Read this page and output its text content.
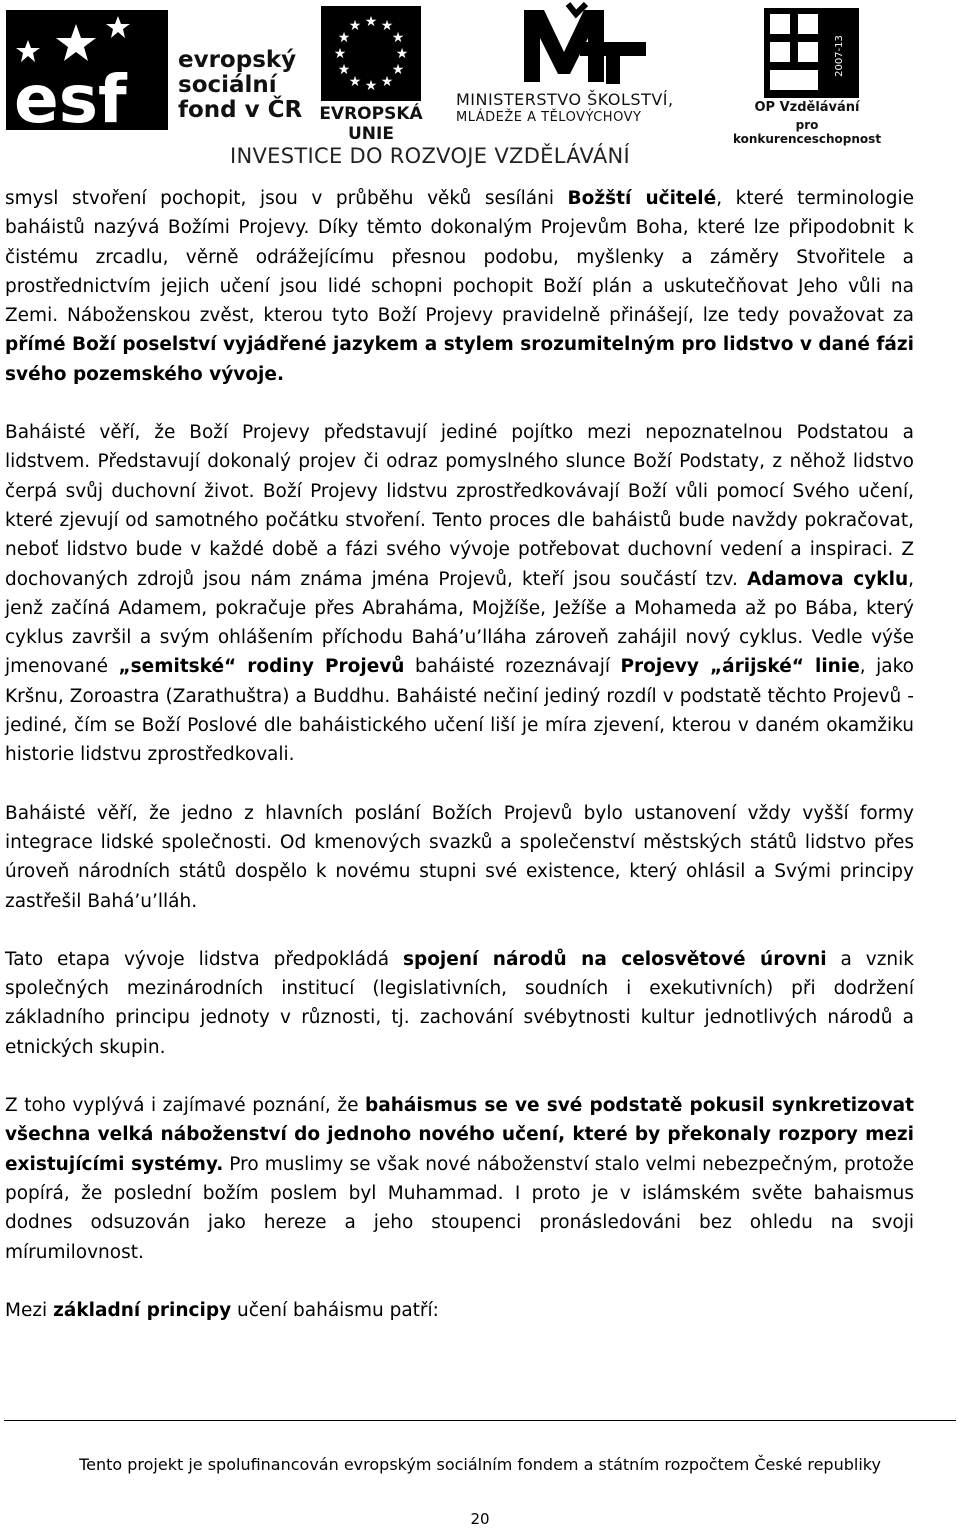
esf
evropský
sociální
fond v ČR
★ ★
★
★
★
★
★
★
★
★
★
★
EVROPSKÁ UNIE
MINISTERSTVO ŠKOLSTVÍ,
MLÁDEŽE A TĚLOVÝCHOVY
2007-13
OP Vzdělávání
pro konkurenceschopnost
INVESTICE DO ROZVOJE VZDĚLÁVÁNÍ

smysl stvoření pochopit, jsou v průběhu věků sesíláni Božští učitelé, které terminologie baháistů nazývá Božími Projevy. Díky těmto dokonalým Projevům Boha, které lze připodobnit k čistému zrcadlu, věrně odrážejícímu přesnou podobu, myšlenky a záměry Stvořitele a prostřednictvím jejich učení jsou lidé schopni pochopit Boží plán a uskutečňovat Jeho vůli na Zemi. Náboženskou zvěst, kterou tyto Boží Projevy pravidelně přinášejí, lze tedy považovat za přímé Boží poselství vyjádřené jazykem a stylem srozumitelným pro lidstvo v dané fázi svého pozemského vývoje.

Baháisté věří, že Boží Projevy představují jediné pojítko mezi nepoznatelnou Podstatou a lidstvem. Představují dokonalý projev či odraz pomyslného slunce Boží Podstaty, z něhož lidstvo čerpá svůj duchovní život. Boží Projevy lidstvu zprostředkovávají Boží vůli pomocí Svého učení, které zjevují od samotného počátku stvoření. Tento proces dle baháistů bude navždy pokračovat, neboť lidstvo bude v každé době a fázi svého vývoje potřebovat duchovní vedení a inspiraci. Z dochovaných zdrojů jsou nám známa jména Projevů, kteří jsou součástí tzv. Adamova cyklu, jenž začíná Adamem, pokračuje přes Abraháma, Mojžíše, Ježíše a Mohameda až po Bába, který cyklus završil a svým ohlášením příchodu Bahá’u’lláha zároveň zahájil nový cyklus. Vedle výše jmenované „semitské“ rodiny Projevů baháisté rozeznávají Projevy „árijské“ linie, jako Kršnu, Zoroastra (Zarathuštra) a Buddhu. Baháisté nečiní jediný rozdíl v podstatě těchto Projevů - jediné, čím se Boží Poslové dle baháistického učení liší je míra zjevení, kterou v daném okamžiku historie lidstvu zprostředkovali.

Baháisté věří, že jedno z hlavních poslání Božích Projevů bylo ustanovení vždy vyšší formy integrace lidské společnosti. Od kmenových svazků a společenství městských států lidstvo přes úroveň národních států dospělo k novému stupni své existence, který ohlásil a Svými principy zastřešil Bahá’u’lláh.

Tato etapa vývoje lidstva předpokládá spojení národů na celosvětové úrovni a vznik společných mezinárodních institucí (legislativních, soudních i exekutivních) při dodržení základního principu jednoty v různosti, tj. zachování svébytnosti kultur jednotlivých národů a etnických skupin.

Z toho vyplývá i zajímavé poznání, že baháismus se ve své podstatě pokusil synkretizovat všechna velká náboženství do jednoho nového učení, které by překonaly rozpory mezi existujícími systémy. Pro muslimy se však nové náboženství stalo velmi nebezpečným, protože popírá, že poslední božím poslem byl Muhammad. I proto je v islámském světe bahaismus dodnes odsuzován jako hereze a jeho stoupenci pronásledováni bez ohledu na svoji mírumilovnost.

Mezi základní principy učení baháismu patří:

Tento projekt je spolufinancován evropským sociálním fondem a státním rozpočtem České republiky
20
